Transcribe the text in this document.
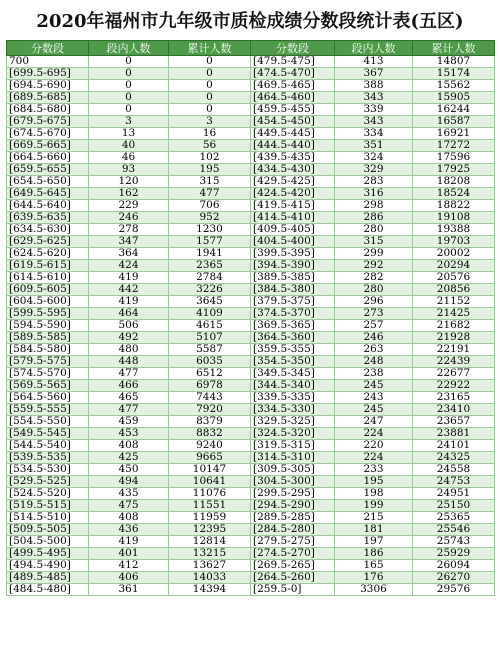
2020年福州市九年级市质检成绩分数段统计表(五区)
分数段	段内人数	累计人数	分数段	段内人数	累计人数
700	0	0	[479.5-475]	413	14807
[699.5-695]	0	0	[474.5-470]	367	15174
[694.5-690]	0	0	[469.5-465]	388	15562
[689.5-685]	0	0	[464.5-460]	343	15905
[684.5-680]	0	0	[459.5-455]	339	16244
[679.5-675]	3	3	[454.5-450]	343	16587
[674.5-670]	13	16	[449.5-445]	334	16921
[669.5-665]	40	56	[444.5-440]	351	17272
[664.5-660]	46	102	[439.5-435]	324	17596
[659.5-655]	93	195	[434.5-430]	329	17925
[654.5-650]	120	315	[429.5-425]	283	18208
[649.5-645]	162	477	[424.5-420]	316	18524
[644.5-640]	229	706	[419.5-415]	298	18822
[639.5-635]	246	952	[414.5-410]	286	19108
[634.5-630]	278	1230	[409.5-405]	280	19388
[629.5-625]	347	1577	[404.5-400]	315	19703
[624.5-620]	364	1941	[399.5-395]	299	20002
[619.5-615]	424	2365	[394.5-390]	292	20294
[614.5-610]	419	2784	[389.5-385]	282	20576
[609.5-605]	442	3226	[384.5-380]	280	20856
[604.5-600]	419	3645	[379.5-375]	296	21152
[599.5-595]	464	4109	[374.5-370]	273	21425
[594.5-590]	506	4615	[369.5-365]	257	21682
[589.5-585]	492	5107	[364.5-360]	246	21928
[584.5-580]	480	5587	[359.5-355]	263	22191
[579.5-575]	448	6035	[354.5-350]	248	22439
[574.5-570]	477	6512	[349.5-345]	238	22677
[569.5-565]	466	6978	[344.5-340]	245	22922
[564.5-560]	465	7443	[339.5-335]	243	23165
[559.5-555]	477	7920	[334.5-330]	245	23410
[554.5-550]	459	8379	[329.5-325]	247	23657
[549.5-545]	453	8832	[324.5-320]	224	23881
[544.5-540]	408	9240	[319.5-315]	220	24101
[539.5-535]	425	9665	[314.5-310]	224	24325
[534.5-530]	450	10147	[309.5-305]	233	24558
[529.5-525]	494	10641	[304.5-300]	195	24753
[524.5-520]	435	11076	[299.5-295]	198	24951
[519.5-515]	475	11551	[294.5-290]	199	25150
[514.5-510]	408	11959	[289.5-285]	215	25365
[509.5-505]	436	12395	[284.5-280]	181	25546
[504.5-500]	419	12814	[279.5-275]	197	25743
[499.5-495]	401	13215	[274.5-270]	186	25929
[494.5-490]	412	13627	[269.5-265]	165	26094
[489.5-485]	406	14033	[264.5-260]	176	26270
[484.5-480]	361	14394	[259.5-0]	3306	29576
